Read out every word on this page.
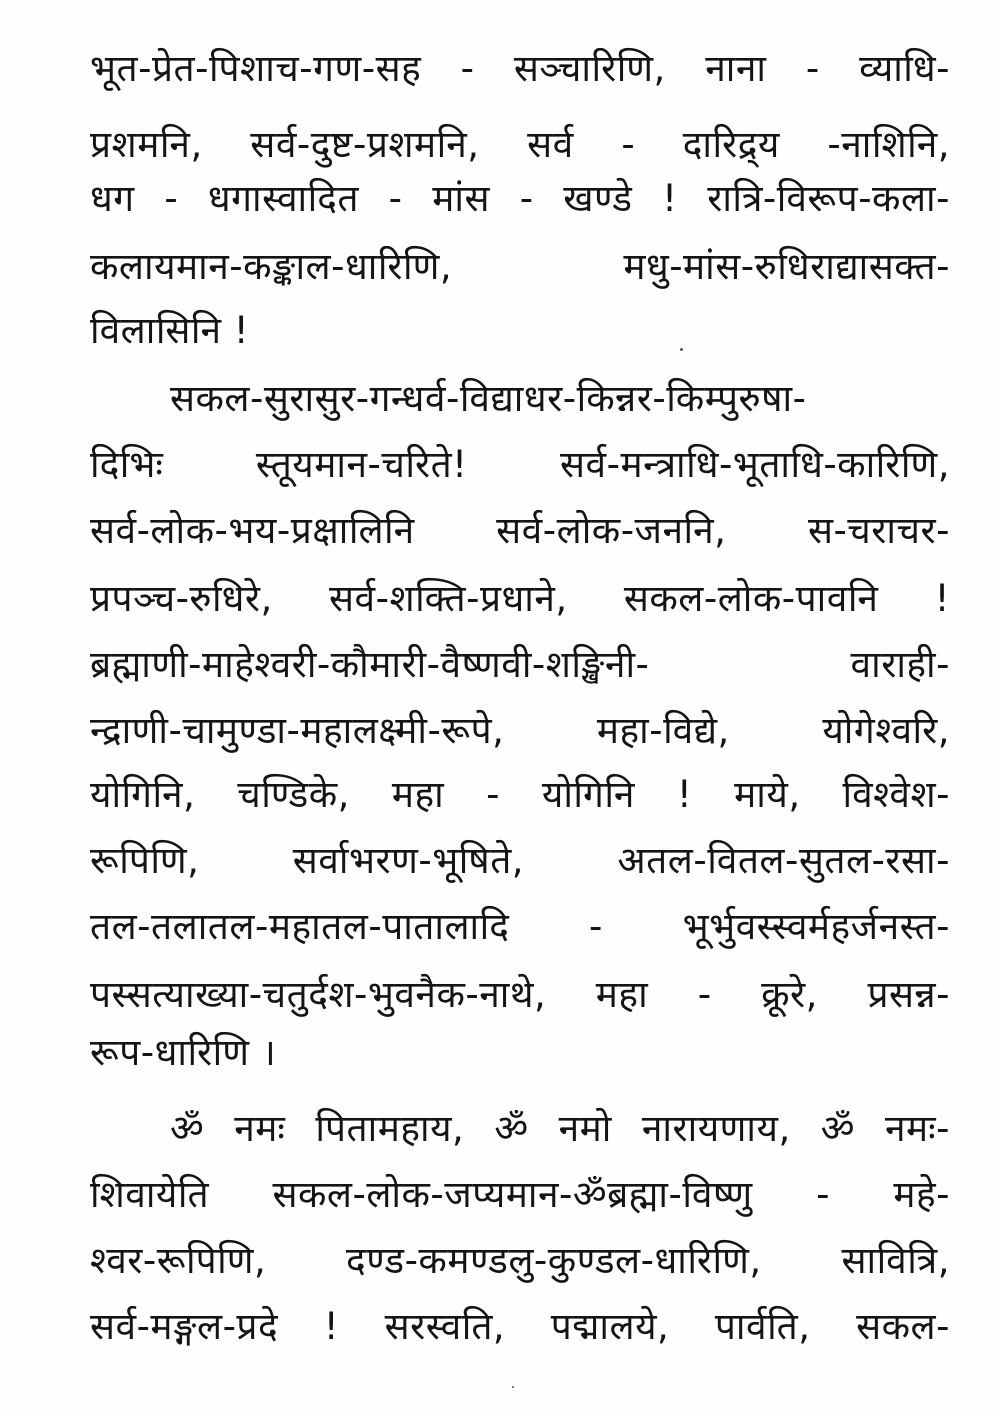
भूत-प्रेत-पिशाच-गण-सह - सञ्चारिणि, नाना - व्याधि-
प्रशमनि, सर्व-दुष्ट-प्रशमनि, सर्व - दारिद्र्य -नाशिनि,
धग - धगास्वादित - मांस - खण्डे ! रात्रि-विरूप-कला-
कलायमान-कङ्काल-धारिणि, मधु-मांस-रुधिराद्यासक्त-
विलासिनि !
सकल-सुरासुर-गन्धर्व-विद्याधर-किन्नर-किम्पुरुषा-
दिभिः स्तूयमान-चरिते! सर्व-मन्त्राधि-भूताधि-कारिणि,
सर्व-लोक-भय-प्रक्षालिनि सर्व-लोक-जननि, स-चराचर-
प्रपञ्च-रुधिरे, सर्व-शक्ति-प्रधाने, सकल-लोक-पावनि !
ब्रह्माणी-माहेश्वरी-कौमारी-वैष्णवी-शङ्खिनी- वाराही-
न्द्राणी-चामुण्डा-महालक्ष्मी-रूपे, महा-विद्ये, योगेश्वरि,
योगिनि, चण्डिके, महा - योगिनि ! माये, विश्वेश-
रूपिणि, सर्वाभरण-भूषिते, अतल-वितल-सुतल-रसा-
तल-तलातल-महातल-पातालादि - भूर्भुवस्स्वर्महर्जनस्त-
पस्सत्याख्या-चतुर्दश-भुवनैक-नाथे, महा - क्रूरे, प्रसन्न-
रूप-धारिणि ।
ॐ नमः पितामहाय, ॐ नमो नारायणाय, ॐ नमः-
शिवायेति सकल-लोक-जप्यमान-ॐब्रह्मा-विष्णु - महे-
श्वर-रूपिणि, दण्ड-कमण्डलु-कुण्डल-धारिणि, सावित्रि,
सर्व-मङ्गल-प्रदे ! सरस्वति, पद्मालये, पार्वति, सकल-
